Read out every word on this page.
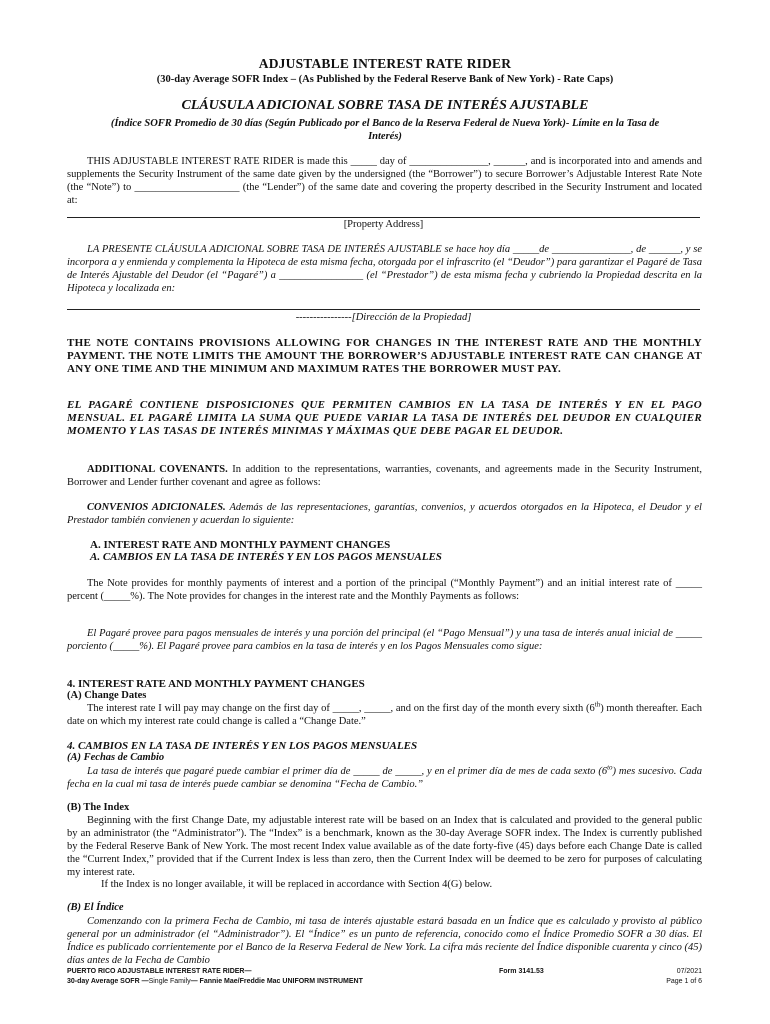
ADJUSTABLE INTEREST RATE RIDER
(30-day Average SOFR Index – (As Published by the Federal Reserve Bank of New York) - Rate Caps)
CLÁUSULA ADICIONAL SOBRE TASA DE INTERÉS AJUSTABLE
(Índice SOFR Promedio de 30 días (Según Publicado por el Banco de la Reserva Federal de Nueva York)- Límite en la Tasa de Interés)
THIS ADJUSTABLE INTEREST RATE RIDER is made this _____ day of _______________, ______, and is incorporated into and amends and supplements the Security Instrument of the same date given by the undersigned (the “Borrower”) to secure Borrower’s Adjustable Interest Rate Note (the “Note”) to ____________________ (the “Lender”) of the same date and covering the property described in the Security Instrument and located at:
[Property Address]
LA PRESENTE CLÁUSULA ADICIONAL SOBRE TASA DE INTERÉS AJUSTABLE se hace hoy día _____de _______________, de ______, y se incorpora a y enmienda y complementa la Hipoteca de esta misma fecha, otorgada por el infrascrito (el “Deudor”) para garantizar el Pagaré de Tasa de Interés Ajustable del Deudor (el “Pagaré”) a ________________ (el “Prestador”) de esta misma fecha y cubriendo la Propiedad descrita en la Hipoteca y localizada en:
----------------[Dirección de la Propiedad]
THE NOTE CONTAINS PROVISIONS ALLOWING FOR CHANGES IN THE INTEREST RATE AND THE MONTHLY PAYMENT. THE NOTE LIMITS THE AMOUNT THE BORROWER’S ADJUSTABLE INTEREST RATE CAN CHANGE AT ANY ONE TIME AND THE MINIMUM AND MAXIMUM RATES THE BORROWER MUST PAY.
EL PAGARÉ CONTIENE DISPOSICIONES QUE PERMITEN CAMBIOS EN LA TASA DE INTERÉS Y EN EL PAGO MENSUAL. EL PAGARÉ LIMITA LA SUMA QUE PUEDE VARIAR LA TASA DE INTERÉS DEL DEUDOR EN CUALQUIER MOMENTO Y LAS TASAS DE INTERÉS MINIMAS Y MÁXIMAS QUE DEBE PAGAR EL DEUDOR.
ADDITIONAL COVENANTS. In addition to the representations, warranties, covenants, and agreements made in the Security Instrument, Borrower and Lender further covenant and agree as follows:
CONVENIOS ADICIONALES. Además de las representaciones, garantías, convenios, y acuerdos otorgados en la Hipoteca, el Deudor y el Prestador también convienen y acuerdan lo siguiente:
A. INTEREST RATE AND MONTHLY PAYMENT CHANGES
A. CAMBIOS EN LA TASA DE INTERÉS Y EN LOS PAGOS MENSUALES
The Note provides for monthly payments of interest and a portion of the principal (“Monthly Payment”) and an initial interest rate of _____ percent (_____%). The Note provides for changes in the interest rate and the Monthly Payments as follows:
El Pagaré provee para pagos mensuales de interés y una porción del principal (el “Pago Mensual”) y una tasa de interés anual inicial de _____ porciento (_____%). El Pagaré provee para cambios en la tasa de interés y en los Pagos Mensuales como sigue:
4. INTEREST RATE AND MONTHLY PAYMENT CHANGES
(A) Change Dates
The interest rate I will pay may change on the first day of _____, _____, and on the first day of the month every sixth (6th) month thereafter. Each date on which my interest rate could change is called a “Change Date.”
4. CAMBIOS EN LA TASA DE INTERÉS Y EN LOS PAGOS MENSUALES
(A) Fechas de Cambio
La tasa de interés que pagaré puede cambiar el primer día de _____ de _____, y en el primer día de mes de cada sexto $(6^{to})$ mes sucesivo. Cada fecha en la cual mi tasa de interés puede cambiar se denomina “Fecha de Cambio.”
(B) The Index
Beginning with the first Change Date, my adjustable interest rate will be based on an Index that is calculated and provided to the general public by an administrator (the “Administrator”). The “Index” is a benchmark, known as the 30-day Average SOFR index. The Index is currently published by the Federal Reserve Bank of New York. The most recent Index value available as of the date forty-five (45) days before each Change Date is called the “Current Index,” provided that if the Current Index is less than zero, then the Current Index will be deemed to be zero for purposes of calculating my interest rate.
If the Index is no longer available, it will be replaced in accordance with Section 4(G) below.
(B) El Índice
Comenzando con la primera Fecha de Cambio, mi tasa de interés ajustable estará basada en un Índice que es calculado y provisto al público general por un administrador (el “Administrador”). El “Índice” es un punto de referencia, conocido como el Índice Promedio SOFR a 30 días. El Índice es publicado corrientemente por el Banco de la Reserva Federal de New York. La cifra más reciente del Índice disponible cuarenta y cinco (45) días antes de la Fecha de Cambio
PUERTO RICO ADJUSTABLE INTEREST RATE RIDER—
30-day Average SOFR —Single Family— Fannie Mae/Freddie Mac UNIFORM INSTRUMENT
Form 3141.53	07/2021
Page 1 of 6
